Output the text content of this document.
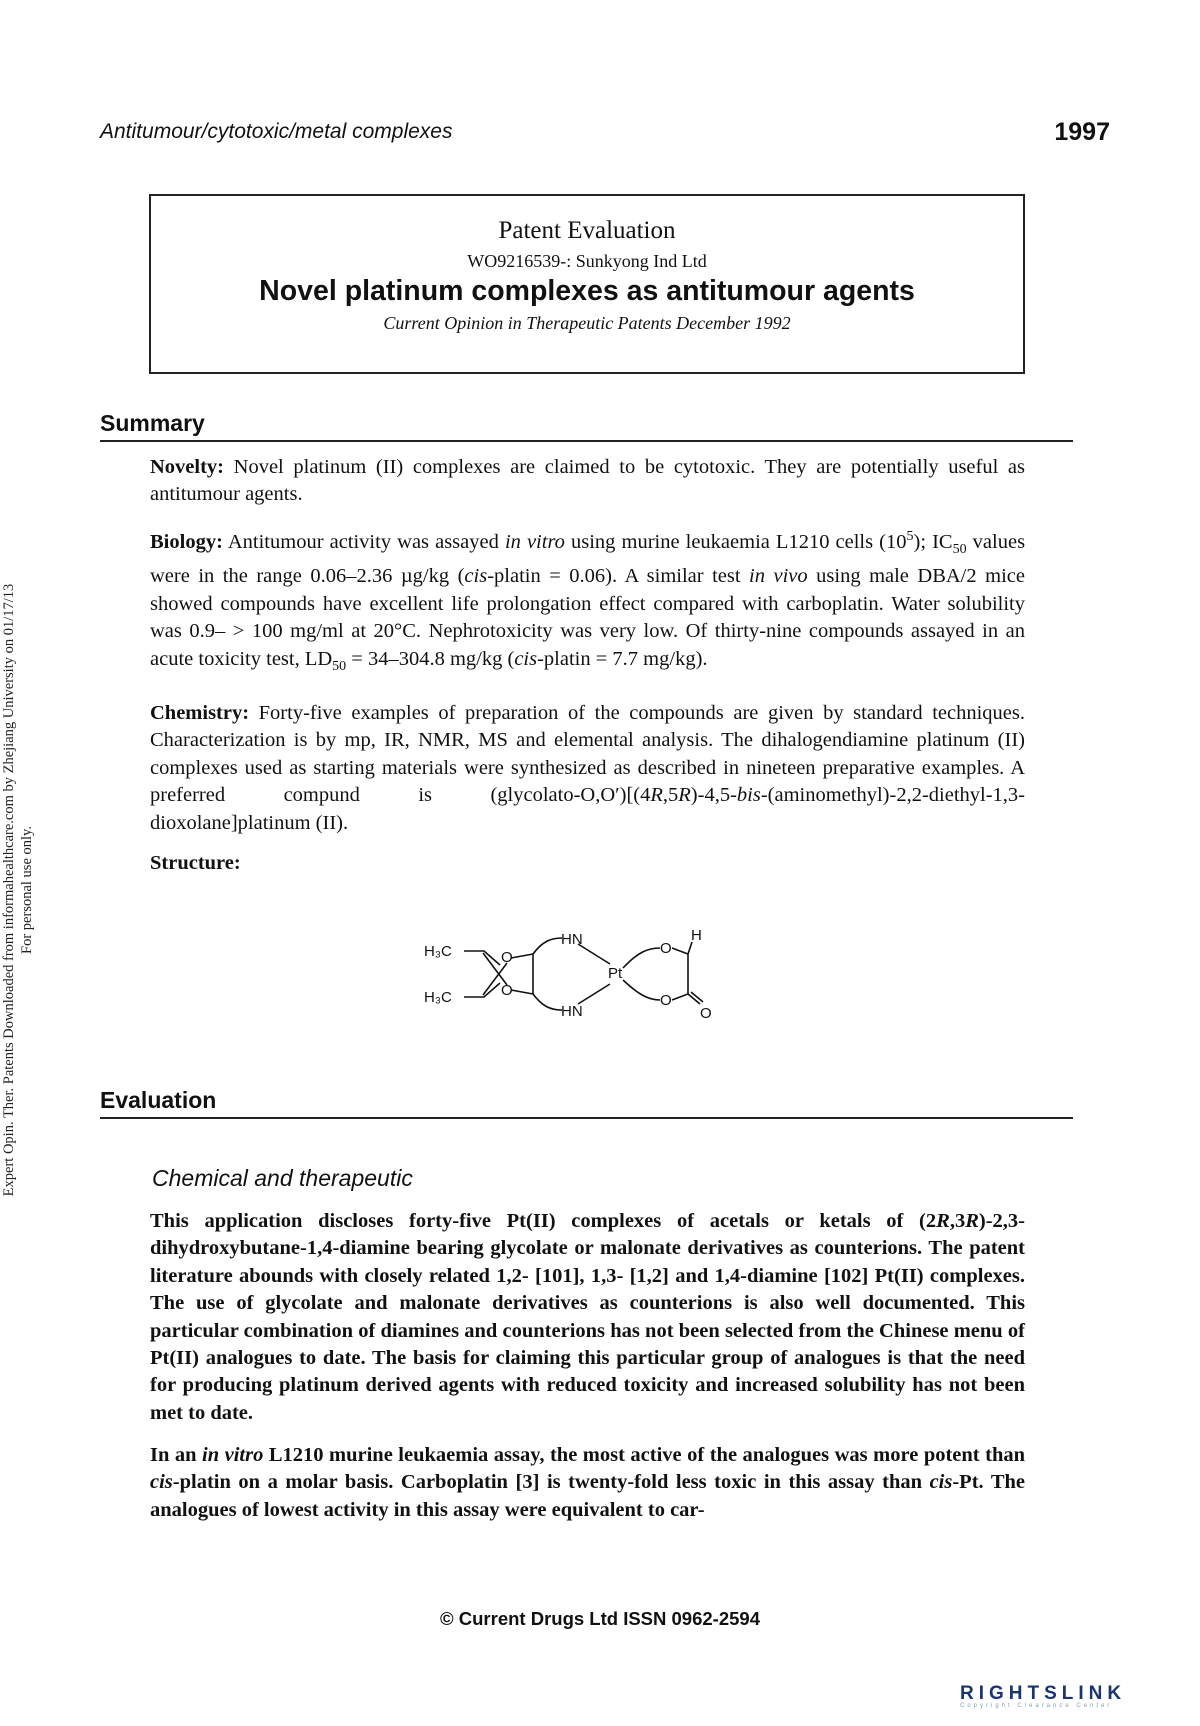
Antitumour/cytotoxic/metal complexes	1997
Expert Opin. Ther. Patents Downloaded from informahealthcare.com by Zhejiang University on 01/17/13 For personal use only.
Patent Evaluation
WO9216539-: Sunkyong Ind Ltd
Novel platinum complexes as antitumour agents
Current Opinion in Therapeutic Patents December 1992
Summary

Novelty: Novel platinum (II) complexes are claimed to be cytotoxic. They are potentially useful as antitumour agents.

Biology: Antitumour activity was assayed in vitro using murine leukaemia L1210 cells $(10^5)$; $IC_{50}$ values were in the range 0.06–2.36 µg/kg (cis-platin = 0.06). A similar test in vivo using male DBA/2 mice showed compounds have excellent life prolongation effect compared with carboplatin. Water solubility was 0.9– > 100 mg/ml at 20°C. Nephrotoxicity was very low. Of thirty-nine compounds assayed in an acute toxicity test, $LD_{50} = 34-304.8$ mg/kg (cis-platin = 7.7 mg/kg).

Chemistry: Forty-five examples of preparation of the compounds are given by standard techniques. Characterization is by mp, IR, NMR, MS and elemental analysis. The dihalogendiamine platinum (II) complexes used as starting materials were synthesized as described in nineteen preparative examples. A preferred compund is (glycolato-O,O′)[(4R,5R)-4,5-bis-(aminomethyl)-2,2-diethyl-1,3-dioxolane]platinum (II).

Structure:

H₃C
H₃C
O
O
HN
HN
Pt
O
O
H
O
Evaluation
Chemical and therapeutic

This application discloses forty-five Pt(II) complexes of acetals or ketals of (2R,3R)-2,3-dihydroxybutane-1,4-diamine bearing glycolate or malonate derivatives as counterions. The patent literature abounds with closely related 1,2- [101], 1,3- [1,2] and 1,4-diamine [102] Pt(II) complexes. The use of glycolate and malonate derivatives as counterions is also well documented. This particular combination of diamines and counterions has not been selected from the Chinese menu of Pt(II) analogues to date. The basis for claiming this particular group of analogues is that the need for producing platinum derived agents with reduced toxicity and increased solubility has not been met to date.

In an in vitro L1210 murine leukaemia assay, the most active of the analogues was more potent than cis-platin on a molar basis. Carboplatin [3] is twenty-fold less toxic in this assay than cis-Pt. The analogues of lowest activity in this assay were equivalent to car-

© Current Drugs Ltd ISSN 0962-2594
RIGHTSLINK
Copyright Clearance Center
